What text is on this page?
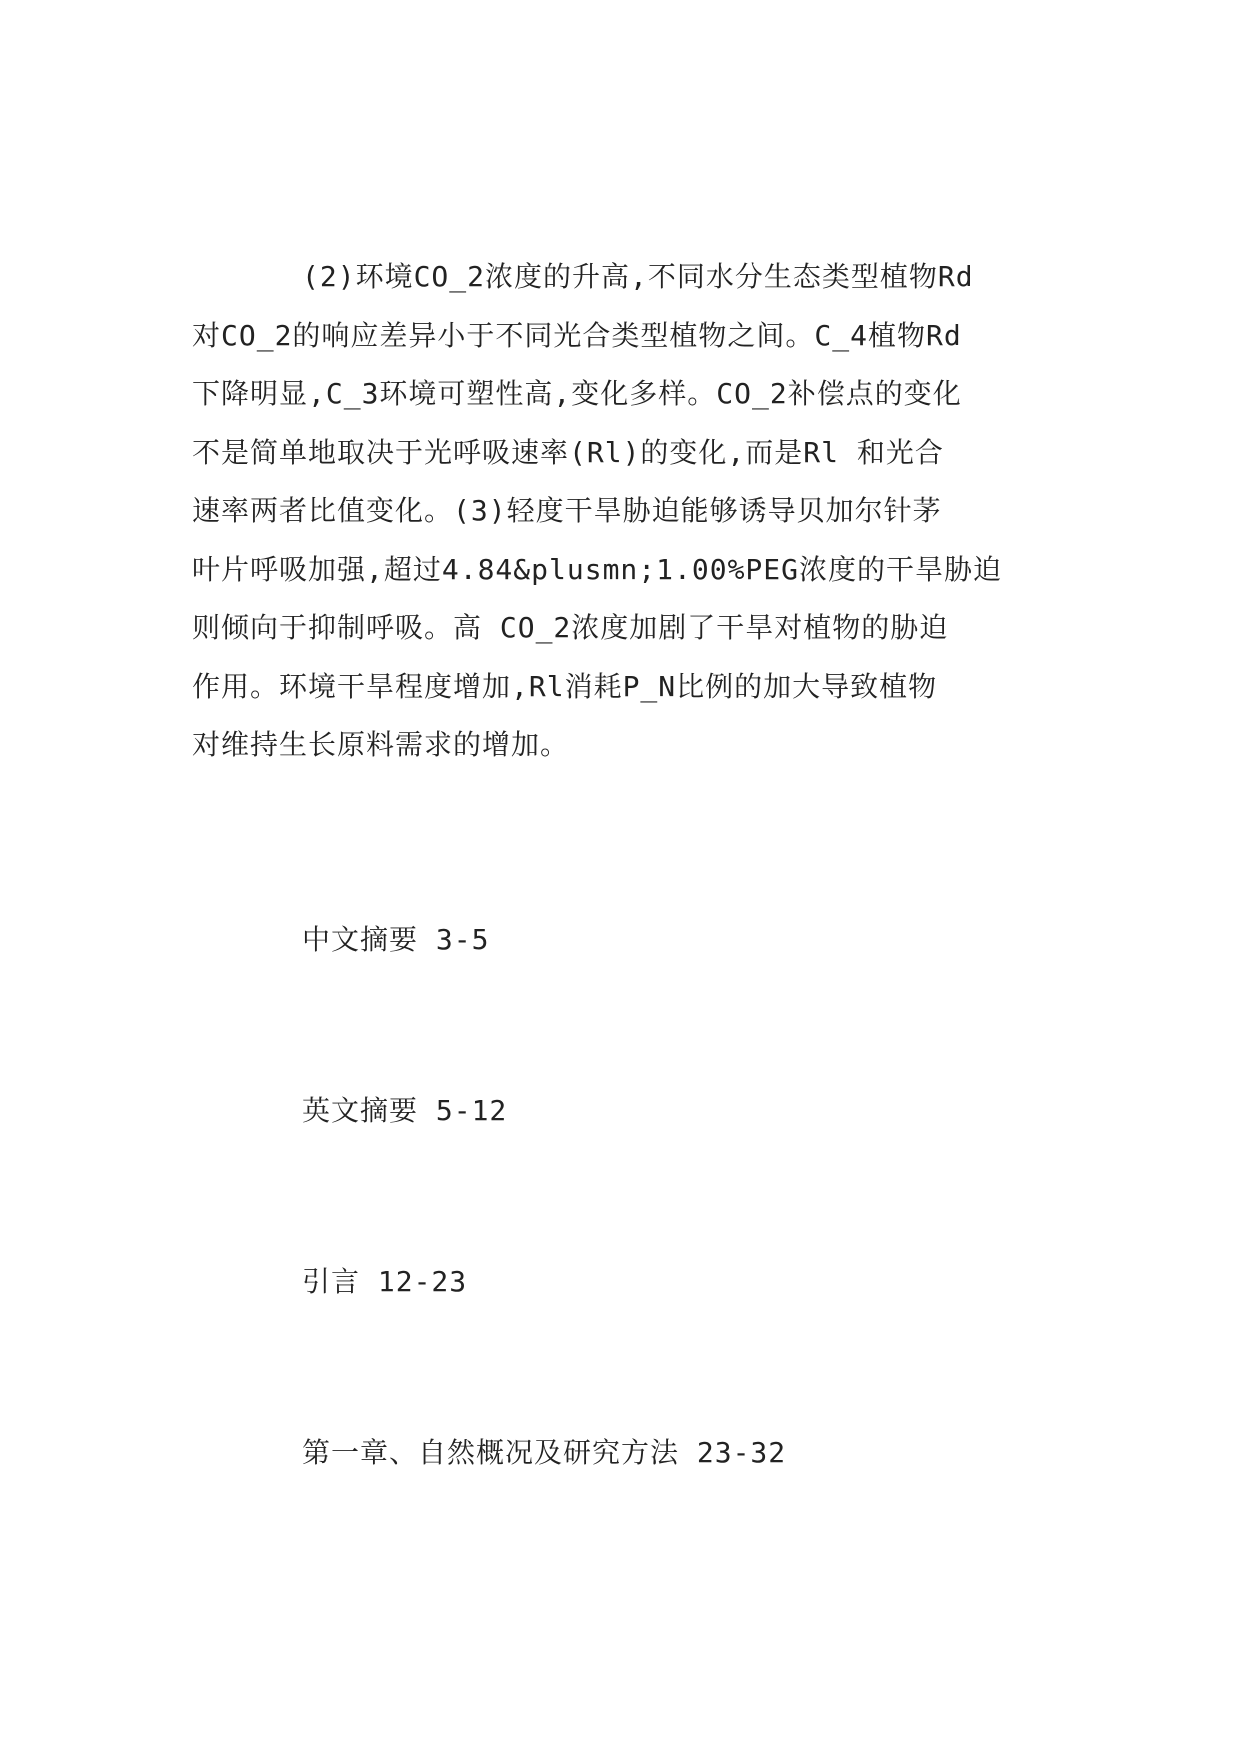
(2)环境CO_2浓度的升高,不同水分生态类型植物Rd
对CO_2的响应差异小于不同光合类型植物之间。C_4植物Rd
下降明显,C_3环境可塑性高,变化多样。CO_2补偿点的变化
不是简单地取决于光呼吸速率(Rl)的变化,而是Rl 和光合
速率两者比值变化。(3)轻度干旱胁迫能够诱导贝加尔针茅
叶片呼吸加强,超过4.84&plusmn;1.00%PEG浓度的干旱胁迫
则倾向于抑制呼吸。高 CO_2浓度加剧了干旱对植物的胁迫
作用。环境干旱程度增加,Rl消耗P_N比例的加大导致植物
对维持生长原料需求的增加。
中文摘要 3-5
英文摘要 5-12
引言 12-23
第一章、自然概况及研究方法 23-32
